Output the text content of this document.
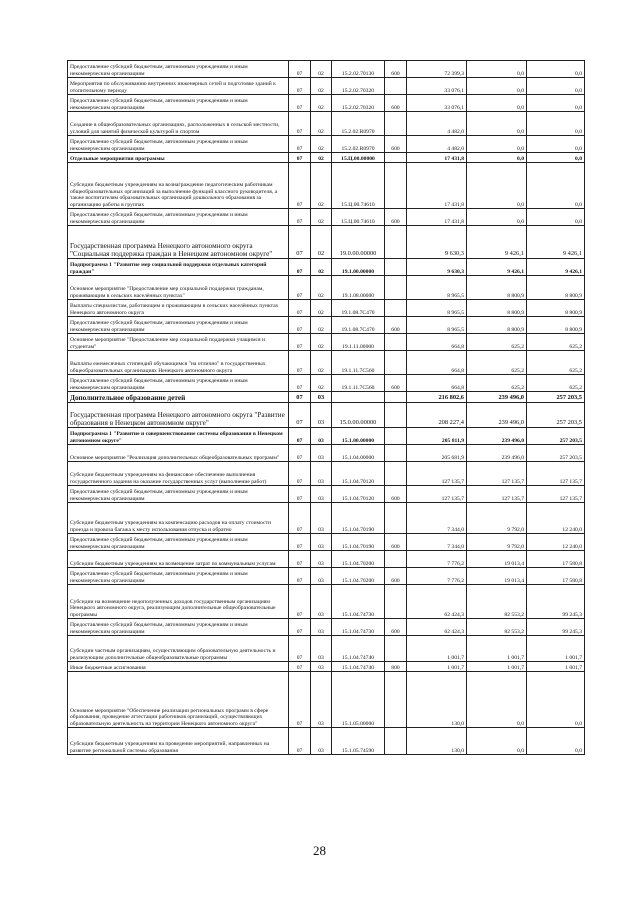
Предоставление субсидий бюджетным, автономным учреждениям и иным некоммерческим организациям	07	02	15.2.02.70130	600	72 399,3	0,0	0,0
Мероприятия по обслуживанию внутренних инженерных сетей и подготовке зданий к отопительному периоду	07	02	15.2.02.70320		33 076,1	0,0	0,0
Предоставление субсидий бюджетным, автономным учреждениям и иным некоммерческим организациям	07	02	15.2.02.70320	600	33 076,1	0,0	0,0
Создание в общеобразовательных организациях, расположенных в сельской местности, условий для занятий физической культурой и спортом	07	02	15.2.02.R0970		4 482,0	0,0	0,0
Предоставление субсидий бюджетным, автономным учреждениям и иным некоммерческим организациям	07	02	15.2.02.R0970	600	4 482,0	0,0	0,0
Отдельные мероприятия программы	07	02	15.Ц.00.00000		17 431,8	0,0	0,0
Субсидии бюджетным учреждениям на вознаграждение педагогическим работникам общеобразовательных организаций за выполнение функций классного руководителя, а также воспитателям образовательных организаций дошкольного образования за организацию работы в группах	07	02	15.Ц.00.74610		17 431,8	0,0	0,0
Предоставление субсидий бюджетным, автономным учреждениям и иным некоммерческим организациям	07	02	15.Ц.00.74610	600	17 431,8	0,0	0,0
Государственная программа Ненецкого автономного округа "Социальная поддержка граждан в Ненецком автономном округе"	07	02	19.0.00.00000		9 630,3	9 426,1	9 426,1
Подпрограмма 1 "Развитие мер социальной поддержки отдельных категорий граждан"	07	02	19.1.00.00000		9 630,3	9 426,1	9 426,1
Основное мероприятие "Предоставление мер социальной поддержки гражданам, проживающим в сельских населённых пунктах"	07	02	19.1.08.00000		8 965,5	8 800,9	8 800,9
Выплаты специалистам, работающим и проживающим в сельских населённых пунктах Ненецкого автономного округа	07	02	19.1.08.7С470		8 965,5	8 800,9	8 800,9
Предоставление субсидий бюджетным, автономным учреждениям и иным некоммерческим организациям	07	02	19.1.08.7С470	600	8 965,5	8 800,9	8 800,9
Основное мероприятие "Предоставление мер социальной поддержки учащимся и студентам"	07	02	19.1.11.00000		664,8	625,2	625,2
Выплаты ежемесячных стипендий обучающимся "на отлично" в государственных общеобразовательных организациях Ненецкого автономного округа	07	02	19.1.11.7С560		664,8	625,2	625,2
Предоставление субсидий бюджетным, автономным учреждениям и иным некоммерческим организациям	07	02	19.1.11.7С560	600	664,8	625,2	625,2
Дополнительное образование детей	07	03			216 802,6	239 496,0	257 203,5
Государственная программа Ненецкого автономного округа "Развитие образования в Ненецком автономном округе"	07	03	15.0.00.00000		208 227,4	239 496,0	257 203,5
Подпрограмма 1 "Развитие и совершенствование системы образования в Ненецком автономном округе"	07	03	15.1.00.00000		205 811,9	239 496,0	257 203,5
Основное мероприятие "Реализация дополнительных общеобразовательных программ"	07	03	15.1.04.00000		205 681,9	239 496,0	257 203,5
Субсидии бюджетным учреждениям на финансовое обеспечение выполнения государственного задания на оказание государственных услуг (выполнение работ)	07	03	15.1.04.70120		127 135,7	127 135,7	127 135,7
Предоставление субсидий бюджетным, автономным учреждениям и иным некоммерческим организациям	07	03	15.1.04.70120	600	127 135,7	127 135,7	127 135,7
Субсидии бюджетным учреждениям на компенсацию расходов на оплату стоимости проезда и провоза багажа к месту использования отпуска и обратно	07	03	15.1.04.70190		7 344,0	9 792,0	12 240,0
Предоставление субсидий бюджетным, автономным учреждениям и иным некоммерческим организациям	07	03	15.1.04.70190	600	7 344,0	9 792,0	12 240,0
Субсидии бюджетным учреждениям на возмещение затрат по коммунальным услугам	07	03	15.1.04.70200		7 776,2	19 013,4	17 580,8
Предоставление субсидий бюджетным, автономным учреждениям и иным некоммерческим организациям	07	03	15.1.04.70200	600	7 776,2	19 013,4	17 580,8
Субсидии на возмещение недополученных доходов государственным организациям Ненецкого автономного округа, реализующим дополнительные общеобразовательные программы	07	03	15.1.04.74730		62 424,3	82 553,2	99 245,3
Предоставление субсидий бюджетным, автономным учреждениям и иным некоммерческим организациям	07	03	15.1.04.74730	600	62 424,3	82 553,2	99 245,3
Субсидии частным организациям, осуществляющим образовательную деятельность и реализующим дополнительные общеобразовательные программы	07	03	15.1.04.74740		1 001,7	1 001,7	1 001,7
Иные бюджетные ассигнования	07	03	15.1.04.74740	800	1 001,7	1 001,7	1 001,7
Основное мероприятие "Обеспечение реализации региональных программ в сфере образования, проведение аттестации работников организаций, осуществляющих образовательную деятельность на территории Ненецкого автономного округа"	07	03	15.1.05.00000		130,0	0,0	0,0
Субсидии бюджетным учреждениям на проведение мероприятий, направленных на развитие региональной системы образования	07	03	15.1.05.74590		130,0	0,0	0,0
28
